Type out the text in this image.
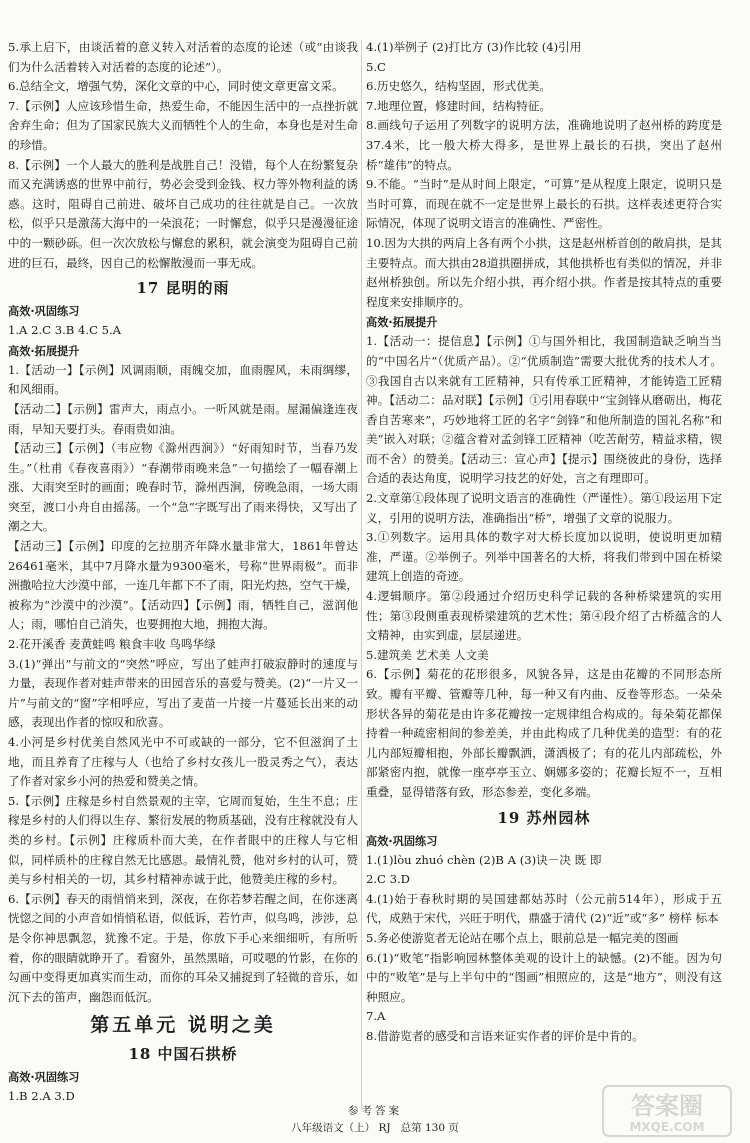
5.承上启下，由谈活着的意义转入对活着的态度的论述（或“由谈我们为什么活着转入对活着的态度的论述”）。
6.总结全文，增强气势，深化文章的中心，同时使文章更富文采。
7.【示例】人应该珍惜生命，热爱生命，不能因生活中的一点挫折就舍弃生命；但为了国家民族大义而牺牲个人的生命，本身也是对生命的珍惜。
8.【示例】一个人最大的胜利是战胜自己！没错，每个人在纷繁复杂而又充满诱惑的世界中前行，势必会受到金钱、权力等外物利益的诱惑。这时，阻碍自己前进、破坏自己成功的往往就是自己。一次放松，似乎只是激荡大海中的一朵浪花；一时懈怠，似乎只是漫漫征途中的一颗砂砾。但一次次放松与懈怠的累积，就会演变为阻碍自己前进的巨石，最终，因自己的松懈散漫而一事无成。
17 昆明的雨
高效·巩固练习
1.A 2.C 3.B 4.C 5.A
高效·拓展提升
1.【活动一】【示例】风调雨顺，雨魄交加，血雨腥风，未雨绸缪，和风细雨。
【活动二】【示例】雷声大，雨点小。一听风就是雨。屋漏偏逢连夜雨，早知天要打头。春雨贵如油。
【活动三】【示例】（韦应物《滁州西涧》）“好雨知时节，当春乃发生。”（杜甫《春夜喜雨》）“春潮带雨晚来急”一句描绘了一幅春潮上涨、大雨突至时的画面；晚春时节，滁州西涧，傍晚急雨，一场大雨突至，渡口小舟自由摇荡。一个“急”字既写出了雨来得快，又写出了潮之大。
【活动三】【示例】印度的乞拉朋齐年降水量非常大，1861年曾达26461毫米，其中7月降水量为9300毫米，号称“世界雨极”。而非洲撒哈拉大沙漠中部，一连几年都下不了雨，阳光灼热，空气干燥，被称为“沙漠中的沙漠”。【活动四】【示例】雨，牺牲自己，滋润他人；雨，哪怕自己消失，也要拥抱大地，拥抱大海。
2.花开溪香 麦黄蛙鸣 粮食丰收 鸟鸣华绿
3.(1)“弹出”与前文的“突然”呼应，写出了蛙声打破寂静时的速度与力量，表现作者对蛙声带来的田园音乐的喜爱与赞美。(2)“一片又一片”与前文的“窗”字相呼应，写出了麦苗一片接一片蔓延长出来的动感，表现出作者的惊叹和欣喜。
4.小河是乡村优美自然风光中不可或缺的一部分，它不但滋润了土地，而且养育了庄稼与人（也给了乡村女孩儿一股灵秀之气），表达了作者对家乡小河的热爱和赞美之情。
5.【示例】庄稼是乡村自然景观的主宰，它周而复始，生生不息；庄稼是乡村的人们得以生存、繁衍发展的物质基础，没有庄稼就没有人类的乡村。【示例】庄稼质朴而大美，在作者眼中的庄稼人与它相似，同样质朴的庄稼自然无比感恩。最情礼赞，他对乡村的认可，赞美与乡村相关的一切，其乡村精神赤诚于此，他赞美庄稼的乡村。
6.【示例】春天的雨悄悄来到，深夜，在你若梦若醒之间，在你迷离恍惚之间的小声音如悄悄私语，似低诉，若竹声，似鸟鸣，涉涉，总是令你神思飘忽，犹豫不定。于是，你放下手心来细细听，有所听着，你的眼睛就睁开了。看窗外，虽然黑暗，可哎嗯的竹影，在你的勾画中变得更加真实而生动，而你的耳朵又捕捉到了轻微的音乐，如沉下去的笛声，幽怨而低沉。
第五单元 说明之美
18 中国石拱桥
高效·巩固练习
1.B 2.A 3.D
4.(1)举例子 (2)打比方 (3)作比较 (4)引用
5.C
6.历史悠久，结构坚固，形式优美。
7.地理位置，修建时间，结构特征。
8.画线句子运用了列数字的说明方法，准确地说明了赵州桥的跨度是37.4米，比一般大桥大得多，是世界上最长的石拱，突出了赵州桥“雄伟”的特点。
9.不能。“当时”是从时间上限定，“可算”是从程度上限定，说明只是当时可算，而现在就不一定是世界上最长的石拱。这样表述更符合实际情况，体现了说明文语言的准确性、严密性。
10.因为大拱的两肩上各有两个小拱，这是赵州桥首创的敞肩拱，是其主要特点。而大拱由28道拱圈拼成，其他拱桥也有类似的情况，并非赵州桥独创。所以先介绍小拱，再介绍小拱。作者是按其特点的重要程度来安排顺序的。
高效·拓展提升
1.【活动一：提信息】【示例】①与国外相比，我国制造缺乏响当当的“中国名片”（优质产品）。②“优质制造”需要大批优秀的技术人才。③我国自古以来就有工匠精神，只有传承工匠精神，才能铸造工匠精神。【活动二：品对联】【示例】①引用春联中“宝剑锋从磨砺出，梅花香自苦寒来”，巧妙地将工匠的名字“剑锋”和他所制造的国礼名称“和美”嵌入对联；②蕴含着对孟剑锋工匠精神（吃苦耐劳，精益求精，锲而不舍）的赞美。【活动三：宣心声】【提示】围绕彼此的身份，选择合适的表达角度，说明学习技艺的好处，言之有理即可。
2.文章第①段体现了说明文语言的准确性（严谨性）。第①段运用下定义，引用的说明方法，准确指出“桥”，增强了文章的说服力。
3.①列数字。运用具体的数字对大桥长度加以说明，使说明更加精准，严谨。②举例子。列举中国著名的大桥，将我们带到中国在桥梁建筑上创造的奇迹。
4.逻辑顺序。第②段通过介绍历史科学记载的各种桥梁建筑的实用性；第③段侧重表现桥梁建筑的艺术性；第④段介绍了古桥蕴含的人文精神，由实到虚，层层递进。
5.建筑美 艺术美 人文美
6.【示例】菊花的花形很多，风貌各异，这是由花瓣的不同形态所致。瓣有平瓣、管瓣等几种，每一种又有内曲、反卷等形态。一朵朵形状各异的菊花是由许多花瓣按一定规律组合构成的。每朵菊花都保持着一种疏密相间的参差美，并由此构成了几种优美的造型：有的花儿内部短瓣相抱，外部长瓣飘洒，潇洒极了；有的花儿内部疏松，外部紧密内抱，就像一座亭亭玉立、娴娜多姿的；花瓣长短不一，互相重叠，显得错落有致，形态参差，变化多端。
19 苏州园林
高效·巩固练习
1.(1)lòu zhuó chèn (2)B A (3)诀－决 既 即
2.C 3.D
4.(1)始于春秋时期的吴国建都姑苏时（公元前514年），形成于五代，成熟于宋代，兴旺于明代，鼎盛于清代 (2)“近”或“多” 榜样 标本
5.务必使游览者无论站在哪个点上，眼前总是一幅完美的图画
6.(1)“败笔”指影响园林整体美观的设计上的缺憾。(2)不能。因为句中的“败笔”是与上半句中的“图画”相照应的，这是“地方”，则没有这种照应。
7.A
8.借游览者的感受和言语来证实作者的评价是中肯的。
参考答案
八年级语文（上） RJ 总第 130 页
答案圈
MXQE.COM
